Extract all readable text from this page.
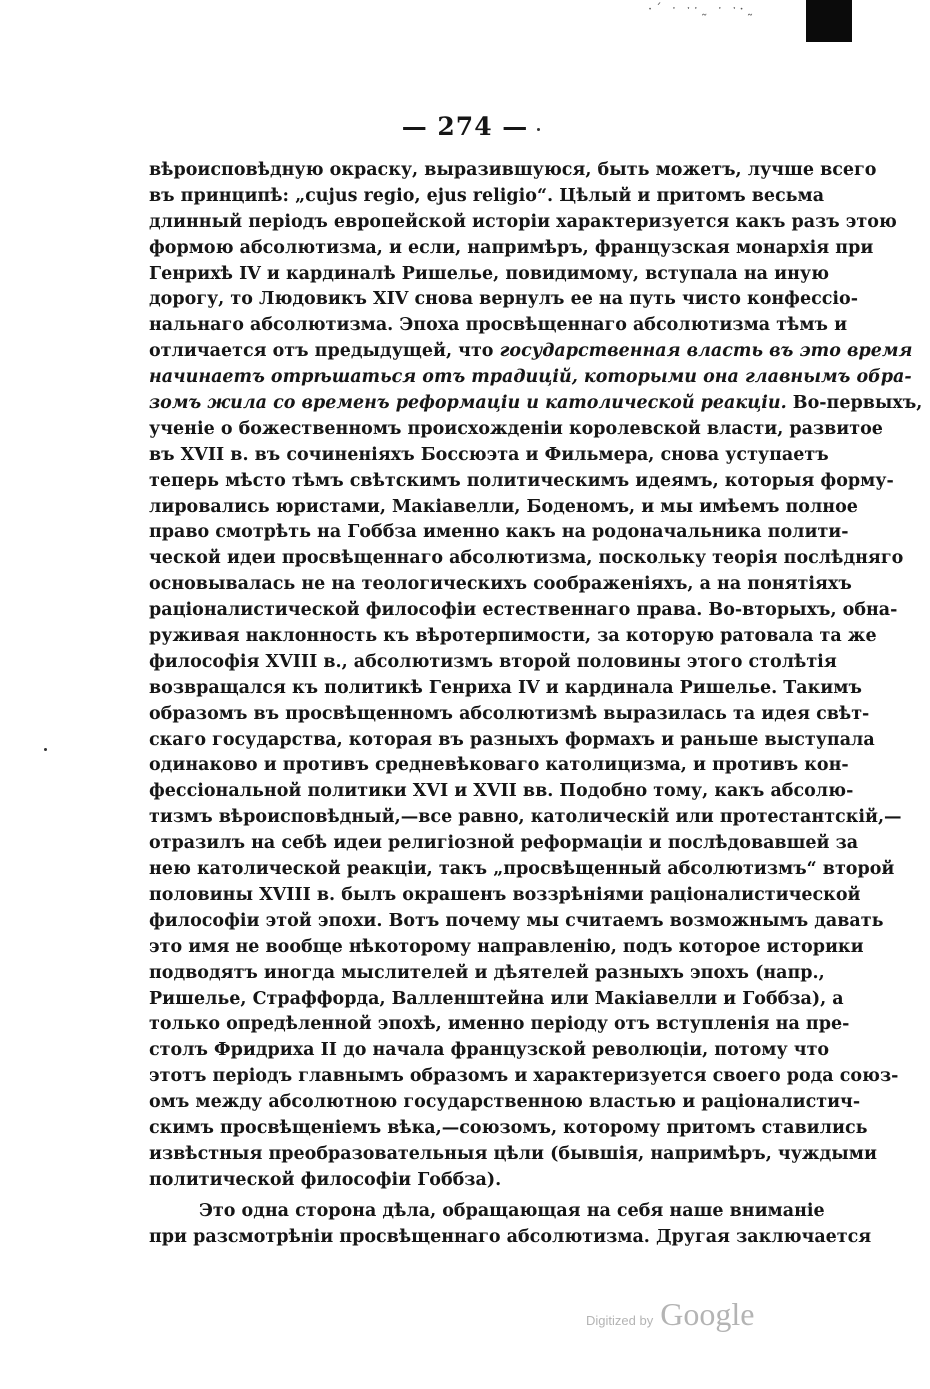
·ˊ ˑ ˑˑ˷ ˑ ˑ·˷
— 274 —
вѣроисповѣдную окраску, выразившуюся, быть можетъ, лучше всего
въ принципѣ: „cujus regio, ejus religio“. Цѣлый и притомъ весьма
длинный періодъ европейской исторіи характеризуется какъ разъ этою
формою абсолютизма, и если, напримѣръ, французская монархія при
Генрихѣ IV и кардиналѣ Ришелье, повидимому, вступала на иную
дорогу, то Людовикъ XIV снова вернулъ ее на путь чисто конфессіо-
нальнаго абсолютизма. Эпоха просвѣщеннаго абсолютизма тѣмъ и
отличается отъ предыдущей, что государственная власть въ это время
начинаетъ отрѣшаться отъ традицій, которыми она главнымъ обра-
зомъ жила со временъ реформаціи и католической реакціи. Во-первыхъ,
ученіе о божественномъ происхожденіи королевской власти, развитое
въ XVII в. въ сочиненіяхъ Боссюэта и Фильмера, снова уступаетъ
теперь мѣсто тѣмъ свѣтскимъ политическимъ идеямъ, которыя форму-
лировались юристами, Макіавелли, Боденомъ, и мы имѣемъ полное
право смотрѣть на Гоббза именно какъ на родоначальника полити-
ческой идеи просвѣщеннаго абсолютизма, поскольку теорія послѣдняго
основывалась не на теологическихъ соображеніяхъ, а на понятіяхъ
раціоналистической философіи естественнаго права. Во-вторыхъ, обна-
руживая наклонность къ вѣротерпимости, за которую ратовала та же
философія XVIII в., абсолютизмъ второй половины этого столѣтія
возвращался къ политикѣ Генриха IV и кардинала Ришелье. Такимъ
образомъ въ просвѣщенномъ абсолютизмѣ выразилась та идея свѣт-
скаго государства, которая въ разныхъ формахъ и раньше выступала
одинаково и противъ средневѣковаго католицизма, и противъ кон-
фессіональной политики XVI и XVII вв. Подобно тому, какъ абсолю-
тизмъ вѣроисповѣдный,—все равно, католическій или протестантскій,—
отразилъ на себѣ идеи религіозной реформаціи и послѣдовавшей за
нею католической реакціи, такъ „просвѣщенный абсолютизмъ“ второй
половины XVIII в. былъ окрашенъ воззрѣніями раціоналистической
философіи этой эпохи. Вотъ почему мы считаемъ возможнымъ давать
это имя не вообще нѣкоторому направленію, подъ которое историки
подводятъ иногда мыслителей и дѣятелей разныхъ эпохъ (напр.,
Ришелье, Страффорда, Валленштейна или Макіавелли и Гоббза), а
только опредѣленной эпохѣ, именно періоду отъ вступленія на пре-
столъ Фридриха II до начала французской революціи, потому что
этотъ періодъ главнымъ образомъ и характеризуется своего рода союз-
омъ между абсолютною государственною властью и раціоналистич-
скимъ просвѣщеніемъ вѣка,—союзомъ, которому притомъ ставились
извѣстныя преобразовательныя цѣли (бывшія, напримѣръ, чуждыми
политической философіи Гоббза).
Это одна сторона дѣла, обращающая на себя наше вниманіе
при разсмотрѣніи просвѣщеннаго абсолютизма. Другая заключается
Digitized by Google
